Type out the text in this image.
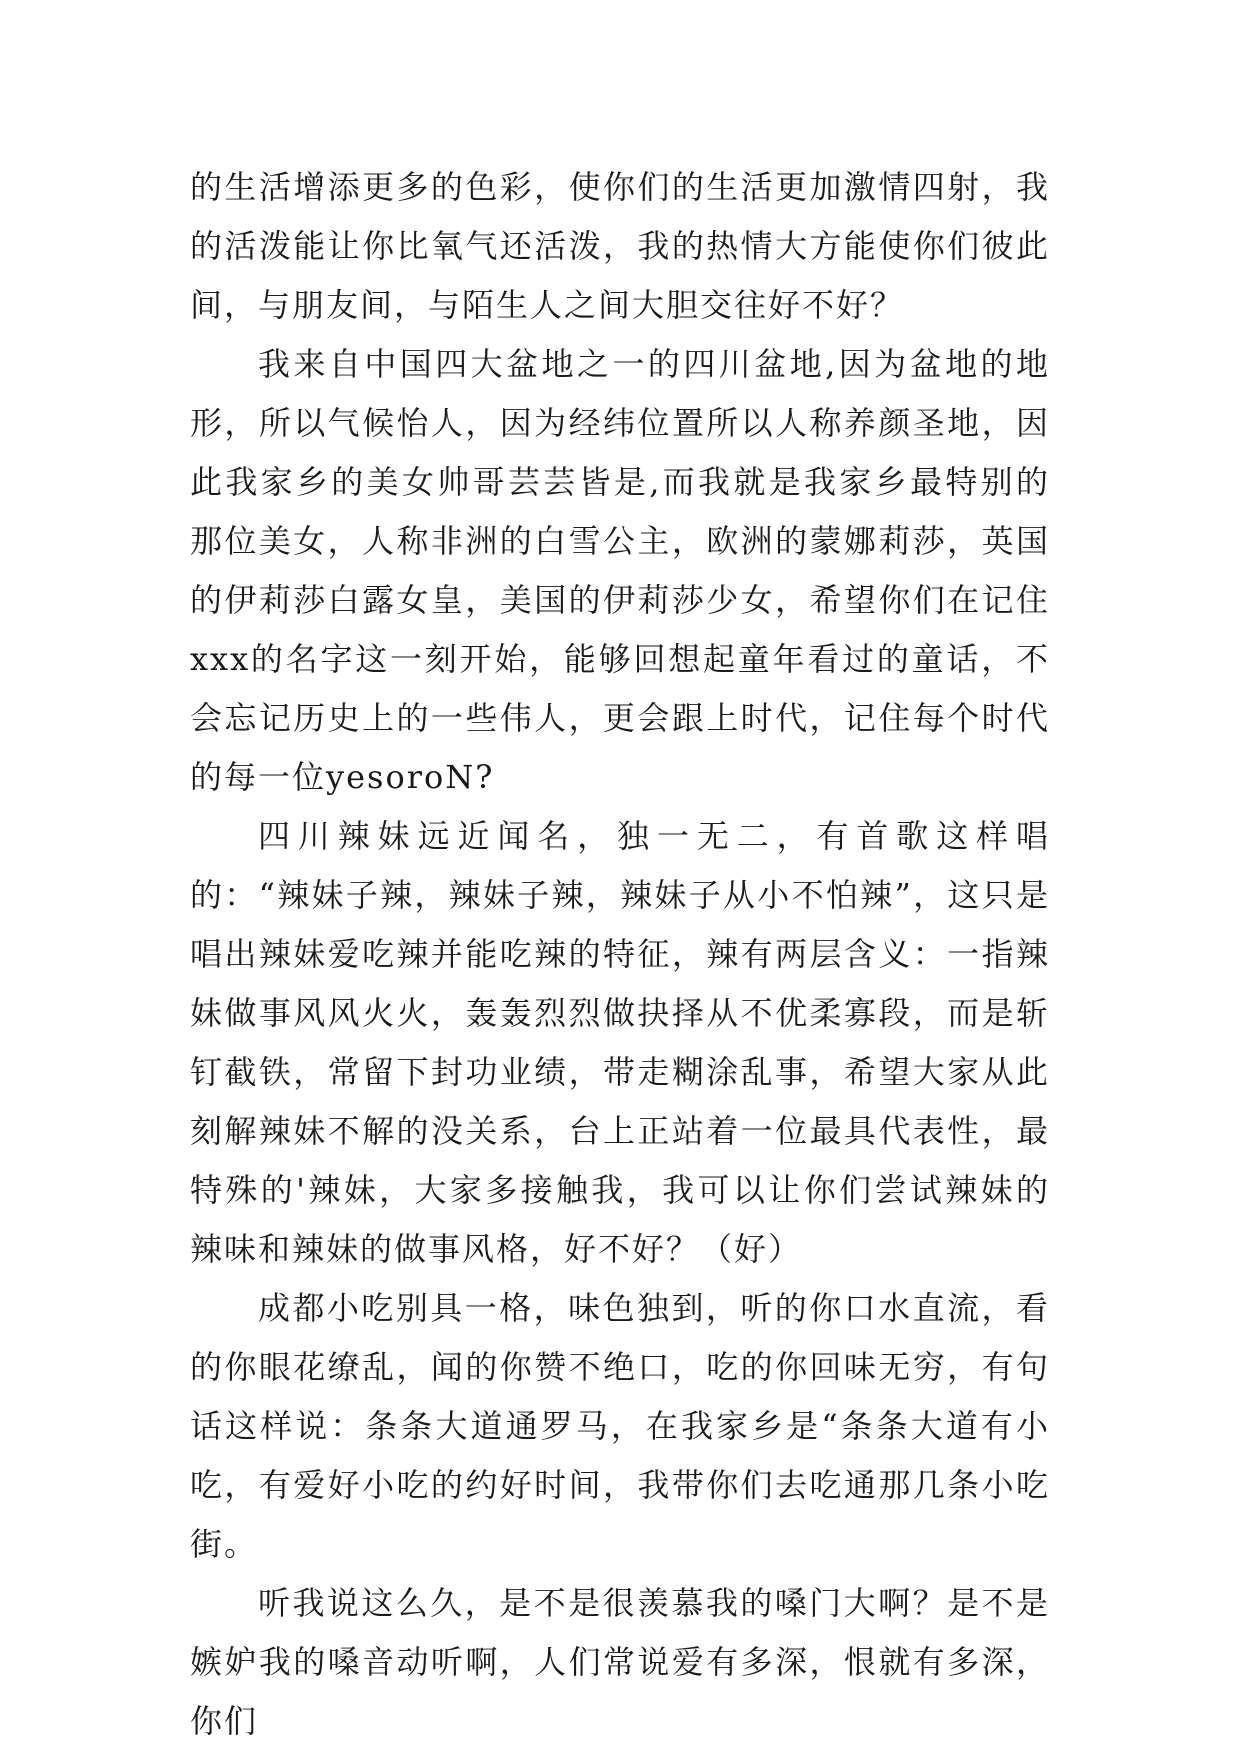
的生活增添更多的色彩，使你们的生活更加激情四射，我的活泼能让你比氧气还活泼，我的热情大方能使你们彼此间，与朋友间，与陌生人之间大胆交往好不好？

我来自中国四大盆地之一的四川盆地,因为盆地的地形，所以气候怡人，因为经纬位置所以人称养颜圣地，因此我家乡的美女帅哥芸芸皆是,而我就是我家乡最特别的那位美女，人称非洲的白雪公主，欧洲的蒙娜莉莎，英国的伊莉莎白露女皇，美国的伊莉莎少女，希望你们在记住xxx的名字这一刻开始，能够回想起童年看过的童话，不会忘记历史上的一些伟人，更会跟上时代，记住每个时代的每一位yesoroN?

四川辣妹远近闻名，独一无二，有首歌这样唱的：“辣妹子辣，辣妹子辣，辣妹子从小不怕辣”，这只是唱出辣妹爱吃辣并能吃辣的特征，辣有两层含义：一指辣妹做事风风火火，轰轰烈烈做抉择从不优柔寡段，而是斩钉截铁，常留下封功业绩，带走糊涂乱事，希望大家从此刻解辣妹不解的没关系，台上正站着一位最具代表性，最特殊的'辣妹，大家多接触我，我可以让你们尝试辣妹的辣味和辣妹的做事风格，好不好？（好）

成都小吃别具一格，味色独到，听的你口水直流，看的你眼花缭乱，闻的你赞不绝口，吃的你回味无穷，有句话这样说：条条大道通罗马，在我家乡是“条条大道有小吃，有爱好小吃的约好时间，我带你们去吃通那几条小吃街。

听我说这么久，是不是很羡慕我的嗓门大啊？是不是嫉妒我的嗓音动听啊，人们常说爱有多深，恨就有多深，你们
